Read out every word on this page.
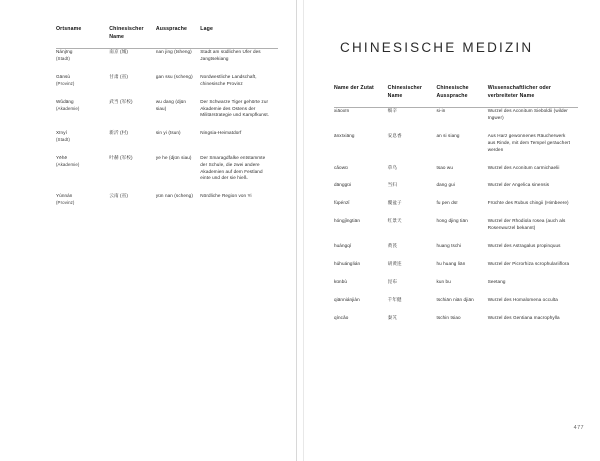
Ortsname	Chinesischer Name	Aussprache	Lage
Nánjīng
(Stadt)	南京 (城)	nan jing (tsheng)	Stadt am südlichen Ufer des Jangtsekiang
Gānsù
(Provinz)	甘肃 (省)	gan ssu (scheng)	Nordwestliche Landschaft, chinesische Provinz
Wǔdāng
(Akademie)	武当 (军校)	wu dang (djün siau)	Der Schwarze Tiger gehörte zur Akademie des Ostens der Militärstrategie und Kampfkunst.
Xīnyí
(Stadt)	新沂 (村)	sin yi (tsun)	Ningsia-Heimatdorf
Yēhē
(Akademie)	叶赫 (军校)	ye he (djün siau)	Der Smaragdfalke entstammte der Schule, die zwei andere Akademien auf dem Festland einte und der sie hieß.
Yúnnán
(Provinz)	云南 (省)	yün nan (scheng)	Nördliche Region von Yi
CHINESISCHE MEDIZIN
Name der Zutat	Chinesischer Name	Chinesische Aussprache	Wissenschaftlicher oder verbreiteter Name
xiāoxīn	细辛	si-in	Wurzel des Aconitum Sieboldii (wilder Ingwer)
ānxīxiāng	安息香	an si siang	Aus Harz gewonnenes Räucherwerk aus Rinde, mit dem Tempel geräuchert werden
cǎowū	草乌	tsao wu	Wurzel des Aconitum carmichaelii
dānggūi	当归	dang gui	Wurzel der Angelica sinensis
fùpénzǐ	覆盆子	fu pen dsï	Früchte des Rubus chingii (Himbeere)
hóngjǐngtiān	红景天	hong djing tiän	Wurzel der Rhodiola rosea (auch als Rosenwurzel bekannt)
huángqí	黄芪	huang tschi	Wurzel des Astragalus propinquus
húhuánglián	胡黄连	hu huang liän	Wurzel der Picrorhiza scrophulariiflora
kūnbù	昆布	kun bu	Seetang
qiānniánjiàn	千年健	tschiän niän djiän	Wurzel des Homalomena occulta
qíncǎo	秦艽	tschin tsiao	Wurzel des Gentiana macrophylla
477
